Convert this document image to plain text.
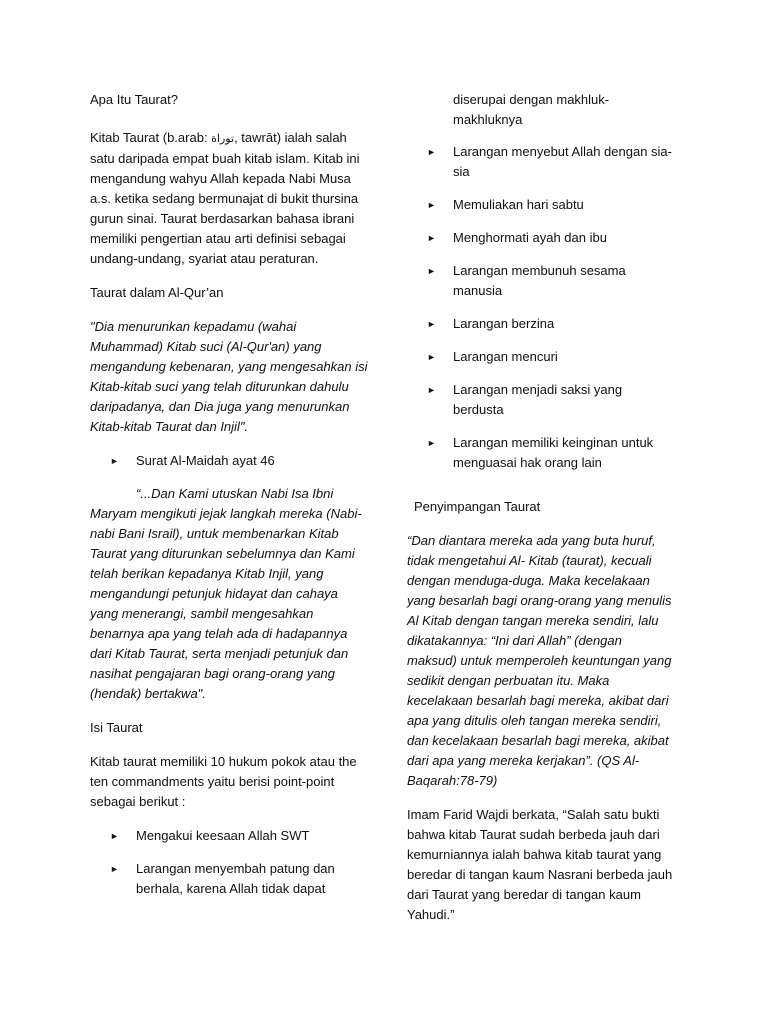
Apa Itu Taurat?

Kitab Taurat (b.arab: توراة, tawrāt) ialah salah satu daripada empat buah kitab islam. Kitab ini mengandung wahyu Allah kepada Nabi Musa a.s. ketika sedang bermunajat di bukit thursina gurun sinai. Taurat berdasarkan bahasa ibrani memiliki pengertian atau arti definisi sebagai undang-undang, syariat atau peraturan.

Taurat dalam Al-Qur’an

"Dia menurunkan kepadamu (wahai Muhammad) Kitab suci (Al-Qur'an) yang mengandung kebenaran, yang mengesahkan isi Kitab-kitab suci yang telah diturunkan dahulu daripadanya, dan Dia juga yang menurunkan Kitab-kitab Taurat dan Injil".

► Surat Al-Maidah ayat 46

“...Dan Kami utuskan Nabi Isa Ibni Maryam mengikuti jejak langkah mereka (Nabi-nabi Bani Israil), untuk membenarkan Kitab Taurat yang diturunkan sebelumnya dan Kami telah berikan kepadanya Kitab Injil, yang mengandungi petunjuk hidayat dan cahaya yang menerangi, sambil mengesahkan benarnya apa yang telah ada di hadapannya dari Kitab Taurat, serta menjadi petunjuk dan nasihat pengajaran bagi orang-orang yang (hendak) bertakwa".

Isi Taurat

Kitab taurat memiliki 10 hukum pokok atau the ten commandments yaitu berisi point-point sebagai berikut :

► Mengakui keesaan Allah SWT
► Larangan menyembah patung dan berhala, karena Allah tidak dapat

diserupai dengan makhluk-makhluknya

► Larangan menyebut Allah dengan sia-sia
► Memuliakan hari sabtu
► Menghormati ayah dan ibu
► Larangan membunuh sesama manusia
► Larangan berzina
► Larangan mencuri
► Larangan menjadi saksi yang berdusta
► Larangan memiliki keinginan untuk menguasai hak orang lain

Penyimpangan Taurat

“Dan diantara mereka ada yang buta huruf, tidak mengetahui Al- Kitab (taurat), kecuali dengan menduga-duga. Maka kecelakaan yang besarlah bagi orang-orang yang menulis Al Kitab dengan tangan mereka sendiri, lalu dikatakannya: “Ini dari Allah” (dengan maksud) untuk memperoleh keuntungan yang sedikit dengan perbuatan itu. Maka kecelakaan besarlah bagi mereka, akibat dari apa yang ditulis oleh tangan mereka sendiri, dan kecelakaan besarlah bagi mereka, akibat dari apa yang mereka kerjakan”. (QS Al-Baqarah:78-79)

Imam Farid Wajdi berkata, “Salah satu bukti bahwa kitab Taurat sudah berbeda jauh dari kemurniannya ialah bahwa kitab taurat yang beredar di tangan kaum Nasrani berbeda jauh dari Taurat yang beredar di tangan kaum Yahudi.”
